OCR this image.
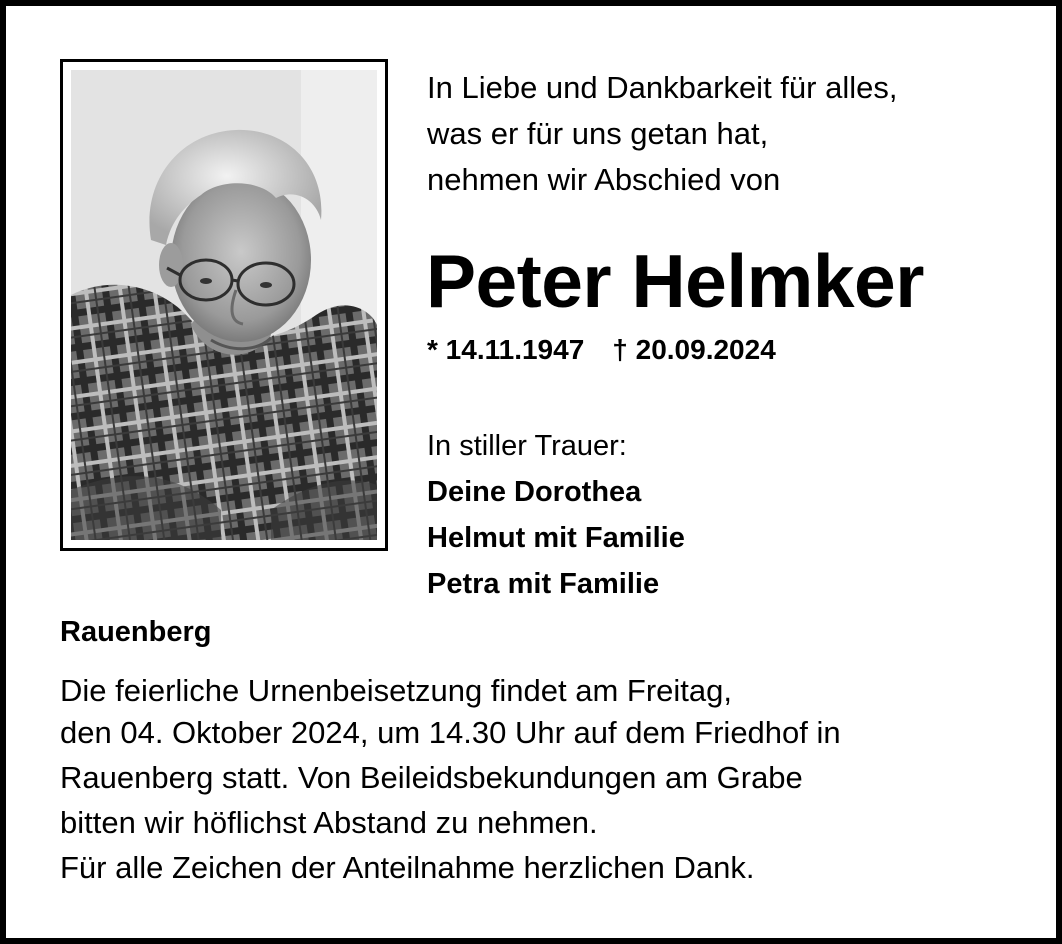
In Liebe und Dankbarkeit für alles,
was er für uns getan hat,
nehmen wir Abschied von
Peter Helmker
* 14.11.1947 † 20.09.2024
In stiller Trauer:
Deine Dorothea
Helmut mit Familie
Petra mit Familie
Rauenberg
Die feierliche Urnenbeisetzung findet am Freitag,
den 04. Oktober 2024, um 14.30 Uhr auf dem Friedhof in
Rauenberg statt. Von Beileidsbekundungen am Grabe
bitten wir höflichst Abstand zu nehmen.
Für alle Zeichen der Anteilnahme herzlichen Dank.
